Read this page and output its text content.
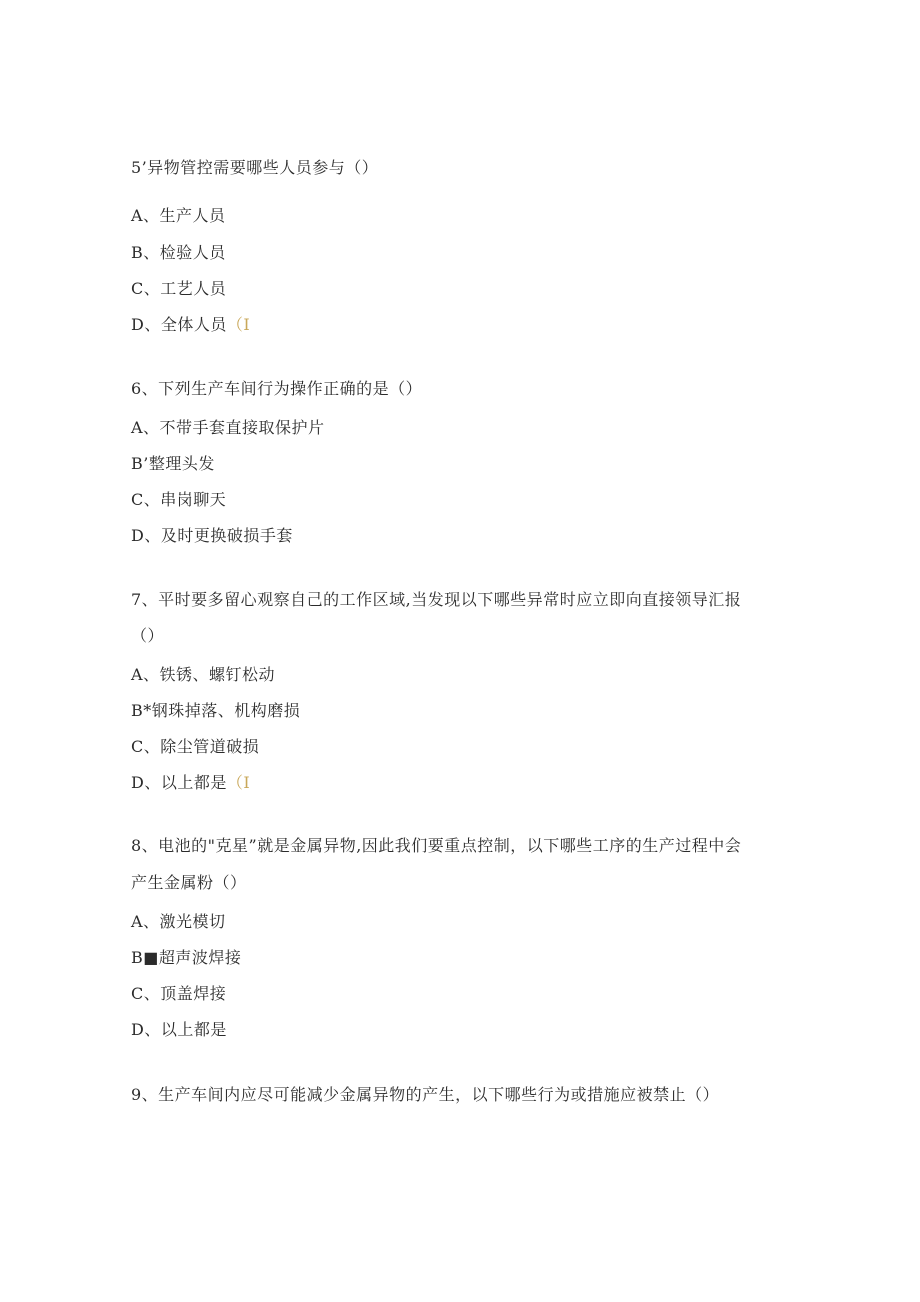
5’异物管控需要哪些人员参与（）
A、生产人员
B、检验人员
C、工艺人员
D、全体人员（I
6、下列生产车间行为操作正确的是（）
A、不带手套直接取保护片
B’整理头发
C、串岗聊天
D、及时更换破损手套
7、平时要多留心观察自己的工作区域,当发现以下哪些异常时应立即向直接领导汇报
（）
A、铁锈、螺钉松动
B*钢珠掉落、机构磨损
C、除尘管道破损
D、以上都是（I
8、电池的"克星”就是金属异物,因此我们要重点控制，以下哪些工序的生产过程中会
产生金属粉（）
A、激光模切
B■超声波焊接
C、顶盖焊接
D、以上都是
9、生产车间内应尽可能减少金属异物的产生，以下哪些行为或措施应被禁止（）
